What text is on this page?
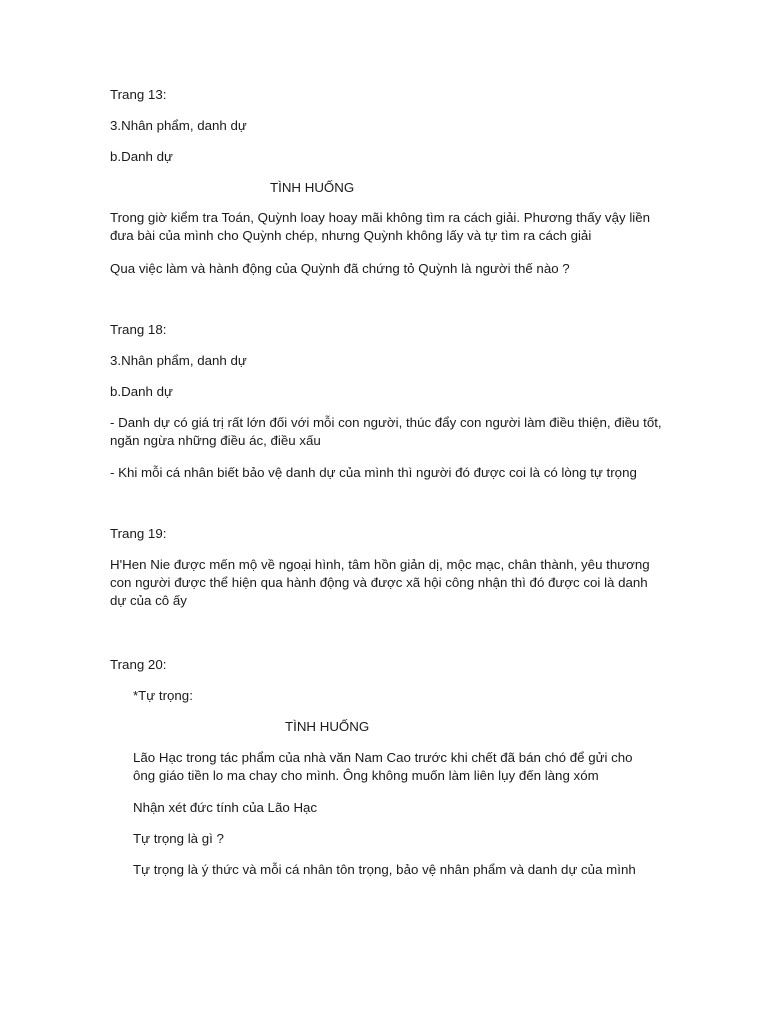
Trang 13:
3.Nhân phẩm, danh dự
b.Danh dự
TÌNH HUỐNG
Trong giờ kiểm tra Toán, Quỳnh loay hoay mãi không tìm ra cách giải. Phương thấy vậy liền đưa bài của mình cho Quỳnh chép, nhưng Quỳnh không lấy và tự tìm ra cách giải
Qua việc làm và hành động của Quỳnh đã chứng tỏ Quỳnh là người thế nào ?
Trang 18:
3.Nhân phẩm, danh dự
b.Danh dự
- Danh dự có giá trị rất lớn đối với mỗi con người, thúc đẩy con người làm điều thiện, điều tốt, ngăn ngừa những điều ác, điều xấu
- Khi mỗi cá nhân biết bảo vệ danh dự của mình thì người đó được coi là có lòng tự trọng
Trang 19:
H'Hen Nie được mến mộ về ngoại hình, tâm hồn giản dị, mộc mạc, chân thành, yêu thương con người được thể hiện qua hành động và được xã hội công nhận thì đó được coi là danh dự của cô ấy
Trang 20:
*Tự trọng:
TÌNH HUỐNG
Lão Hạc trong tác phẩm của nhà văn Nam Cao trước khi chết đã bán chó để gửi cho ông giáo tiền lo ma chay cho mình. Ông không muốn làm liên lụy đến làng xóm
Nhận xét đức tính của Lão Hạc
Tự trọng là gì ?
Tự trọng là ý thức và mỗi cá nhân tôn trọng, bảo vệ nhân phẩm và danh dự của mình
